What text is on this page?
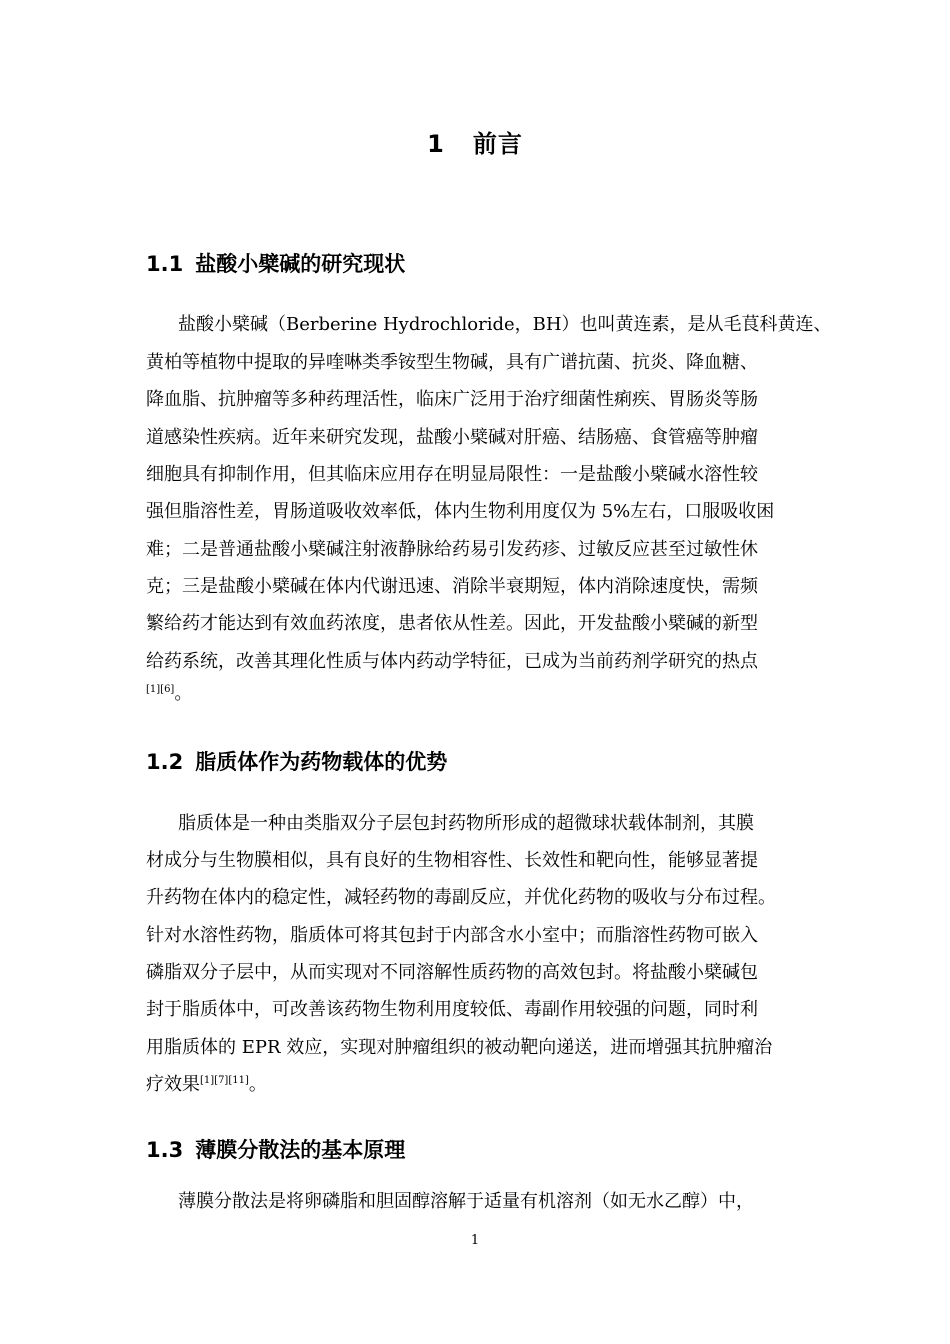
1 前言
1.1 盐酸小檗碱的研究现状
盐酸小檗碱（Berberine Hydrochloride，BH）也叫黄连素，是从毛茛科黄连、
黄柏等植物中提取的异喹啉类季铵型生物碱，具有广谱抗菌、抗炎、降血糖、
降血脂、抗肿瘤等多种药理活性，临床广泛用于治疗细菌性痢疾、胃肠炎等肠
道感染性疾病。近年来研究发现，盐酸小檗碱对肝癌、结肠癌、食管癌等肿瘤
细胞具有抑制作用，但其临床应用存在明显局限性：一是盐酸小檗碱水溶性较
强但脂溶性差，胃肠道吸收效率低，体内生物利用度仅为 5%左右，口服吸收困
难；二是普通盐酸小檗碱注射液静脉给药易引发药疹、过敏反应甚至过敏性休
克；三是盐酸小檗碱在体内代谢迅速、消除半衰期短，体内消除速度快，需频
繁给药才能达到有效血药浓度，患者依从性差。因此，开发盐酸小檗碱的新型
给药系统，改善其理化性质与体内药动学特征，已成为当前药剂学研究的热点
[1][6]。
1.2 脂质体作为药物载体的优势
脂质体是一种由类脂双分子层包封药物所形成的超微球状载体制剂，其膜
材成分与生物膜相似，具有良好的生物相容性、长效性和靶向性，能够显著提
升药物在体内的稳定性，减轻药物的毒副反应，并优化药物的吸收与分布过程。
针对水溶性药物，脂质体可将其包封于内部含水小室中；而脂溶性药物可嵌入
磷脂双分子层中，从而实现对不同溶解性质药物的高效包封。将盐酸小檗碱包
封于脂质体中，可改善该药物生物利用度较低、毒副作用较强的问题，同时利
用脂质体的 EPR 效应，实现对肿瘤组织的被动靶向递送，进而增强其抗肿瘤治
疗效果[1][7][11]。
1.3 薄膜分散法的基本原理
薄膜分散法是将卵磷脂和胆固醇溶解于适量有机溶剂（如无水乙醇）中，
1
